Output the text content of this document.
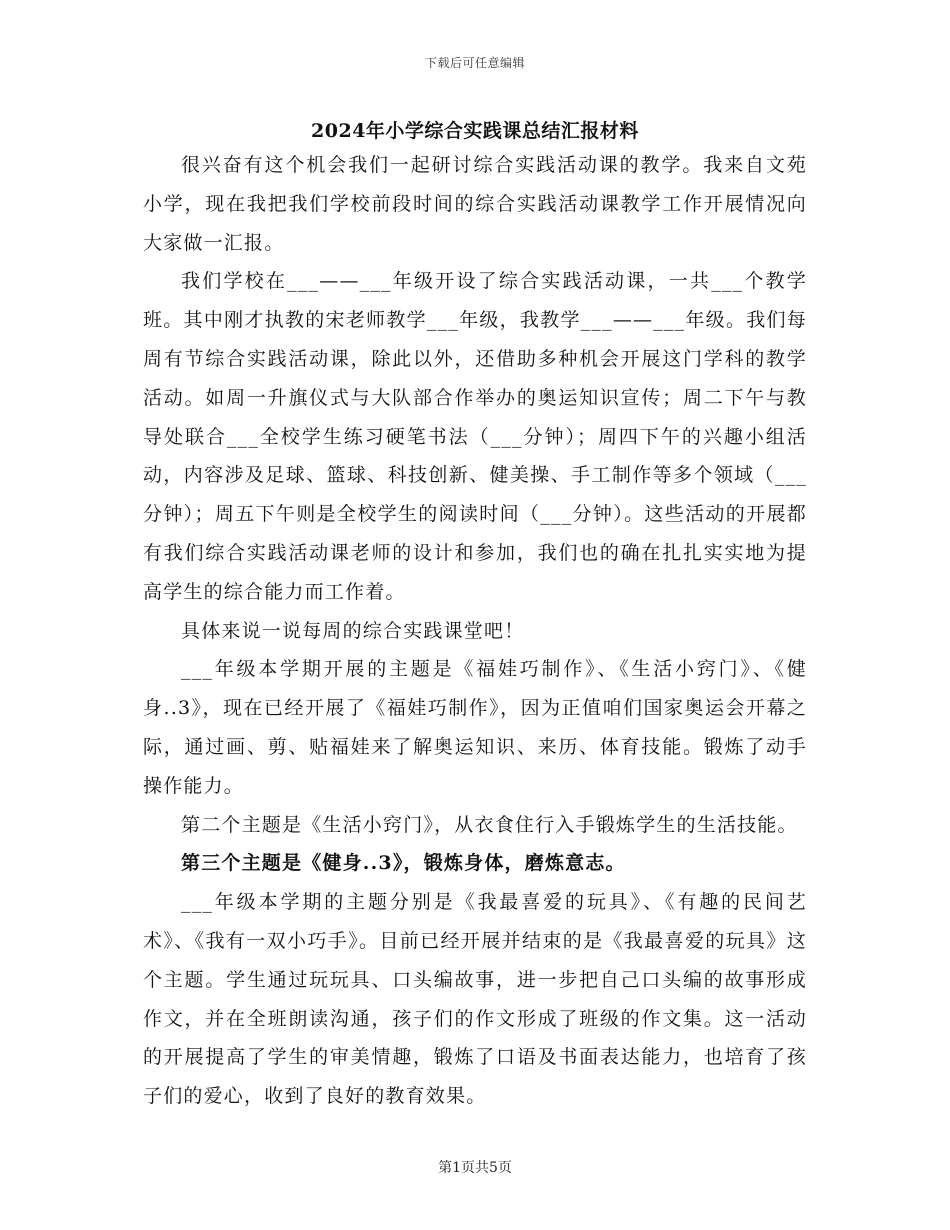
下载后可任意编辑
2024年小学综合实践课总结汇报材料

很兴奋有这个机会我们一起研讨综合实践活动课的教学。我来自文苑小学，现在我把我们学校前段时间的综合实践活动课教学工作开展情况向大家做一汇报。

我们学校在___——___年级开设了综合实践活动课，一共___个教学班。其中刚才执教的宋老师教学___年级，我教学___——___年级。我们每周有节综合实践活动课，除此以外，还借助多种机会开展这门学科的教学活动。如周一升旗仪式与大队部合作举办的奥运知识宣传；周二下午与教导处联合___全校学生练习硬笔书法（___分钟）；周四下午的兴趣小组活动，内容涉及足球、篮球、科技创新、健美操、手工制作等多个领域（___分钟）；周五下午则是全校学生的阅读时间（___分钟）。这些活动的开展都有我们综合实践活动课老师的设计和参加，我们也的确在扎扎实实地为提高学生的综合能力而工作着。

具体来说一说每周的综合实践课堂吧！

___年级本学期开展的主题是《福娃巧制作》、《生活小窍门》、《健身..3》，现在已经开展了《福娃巧制作》，因为正值咱们国家奥运会开幕之际，通过画、剪、贴福娃来了解奥运知识、来历、体育技能。锻炼了动手操作能力。

第二个主题是《生活小窍门》，从衣食住行入手锻炼学生的生活技能。

第三个主题是《健身..3》，锻炼身体，磨炼意志。

___年级本学期的主题分别是《我最喜爱的玩具》、《有趣的民间艺术》、《我有一双小巧手》。目前已经开展并结束的是《我最喜爱的玩具》这个主题。学生通过玩玩具、口头编故事，进一步把自己口头编的故事形成作文，并在全班朗读沟通，孩子们的作文形成了班级的作文集。这一活动的开展提高了学生的审美情趣，锻炼了口语及书面表达能力，也培育了孩子们的爱心，收到了良好的教育效果。

第1页共5页
